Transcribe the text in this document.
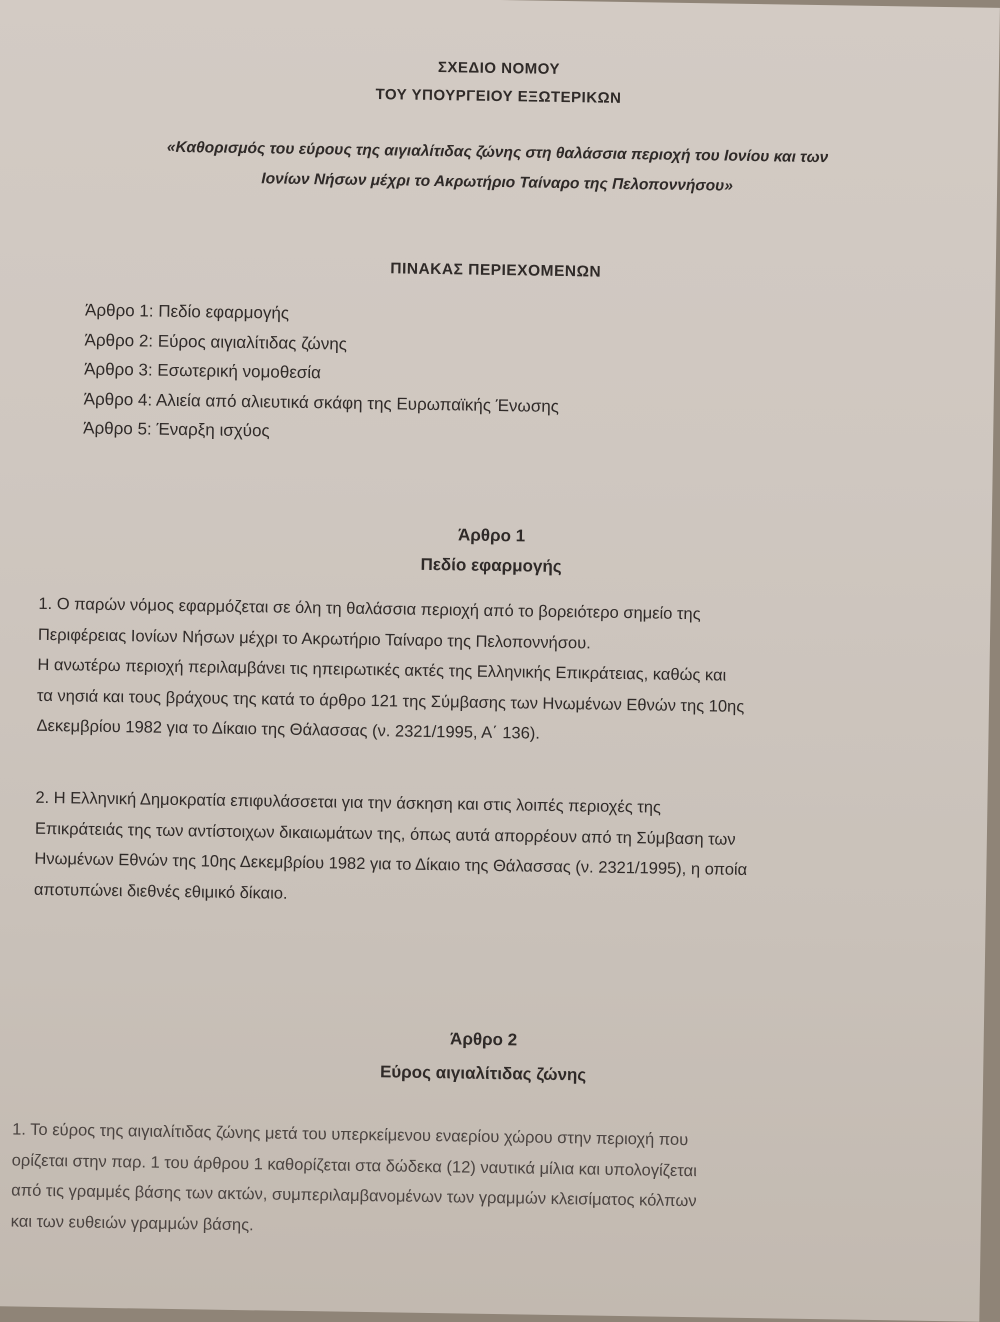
ΣΧΕΔΙΟ ΝΟΜΟΥ
ΤΟΥ ΥΠΟΥΡΓΕΙΟΥ ΕΞΩΤΕΡΙΚΩΝ
«Καθορισμός του εύρους της αιγιαλίτιδας ζώνης στη θαλάσσια περιοχή του Ιονίου και των
Ιονίων Νήσων μέχρι το Ακρωτήριο Ταίναρο της Πελοποννήσου»
ΠΙΝΑΚΑΣ ΠΕΡΙΕΧΟΜΕΝΩΝ
Άρθρο 1: Πεδίο εφαρμογής
Άρθρο 2: Εύρος αιγιαλίτιδας ζώνης
Άρθρο 3: Εσωτερική νομοθεσία
Άρθρο 4: Αλιεία από αλιευτικά σκάφη της Ευρωπαϊκής Ένωσης
Άρθρο 5: Έναρξη ισχύος
Άρθρο 1
Πεδίο εφαρμογής
1. Ο παρών νόμος εφαρμόζεται σε όλη τη θαλάσσια περιοχή από το βορειότερο σημείο της
Περιφέρειας Ιονίων Νήσων μέχρι το Ακρωτήριο Ταίναρο της Πελοποννήσου.
Η ανωτέρω περιοχή περιλαμβάνει τις ηπειρωτικές ακτές της Ελληνικής Επικράτειας, καθώς και
τα νησιά και τους βράχους της κατά το άρθρο 121 της Σύμβασης των Ηνωμένων Εθνών της 10ης
Δεκεμβρίου 1982 για το Δίκαιο της Θάλασσας (ν. 2321/1995, Α΄ 136).
2. Η Ελληνική Δημοκρατία επιφυλάσσεται για την άσκηση και στις λοιπές περιοχές της
Επικράτειάς της των αντίστοιχων δικαιωμάτων της, όπως αυτά απορρέουν από τη Σύμβαση των
Ηνωμένων Εθνών της 10ης Δεκεμβρίου 1982 για το Δίκαιο της Θάλασσας (ν. 2321/1995), η οποία
αποτυπώνει διεθνές εθιμικό δίκαιο.
Άρθρο 2
Εύρος αιγιαλίτιδας ζώνης
1. Το εύρος της αιγιαλίτιδας ζώνης μετά του υπερκείμενου εναερίου χώρου στην περιοχή που
ορίζεται στην παρ. 1 του άρθρου 1 καθορίζεται στα δώδεκα (12) ναυτικά μίλια και υπολογίζεται
από τις γραμμές βάσης των ακτών, συμπεριλαμβανομένων των γραμμών κλεισίματος κόλπων
και των ευθειών γραμμών βάσης.
